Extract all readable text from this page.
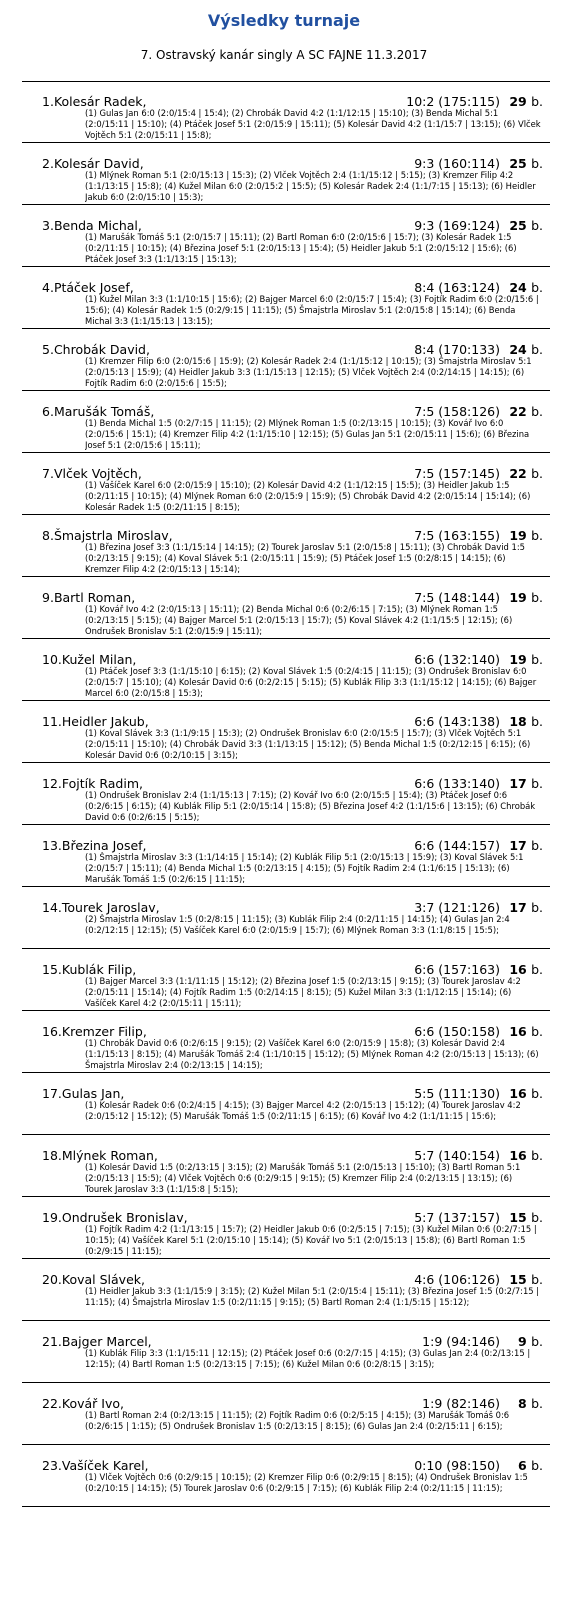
Výsledky turnaje
7. Ostravský kanár singly A SC FAJNE 11.3.2017
1.Kolesár Radek,	10:2 (175:115) 29 b.
(1) Gulas Jan 6:0 (2:0/15:4 | 15:4); (2) Chrobák David 4:2 (1:1/12:15 | 15:10); (3) Benda Michal 5:1 (2:0/15:11 | 15:10); (4) Ptáček Josef 5:1 (2:0/15:9 | 15:11); (5) Kolesár David 4:2 (1:1/15:7 | 13:15); (6) Vlček Vojtěch 5:1 (2:0/15:11 | 15:8);
2.Kolesár David,	9:3 (160:114) 25 b.
(1) Mlýnek Roman 5:1 (2:0/15:13 | 15:3); (2) Vlček Vojtěch 2:4 (1:1/15:12 | 5:15); (3) Kremzer Filip 4:2 (1:1/13:15 | 15:8); (4) Kužel Milan 6:0 (2:0/15:2 | 15:5); (5) Kolesár Radek 2:4 (1:1/7:15 | 15:13); (6) Heidler Jakub 6:0 (2:0/15:10 | 15:3);
3.Benda Michal,	9:3 (169:124) 25 b.
(1) Marušák Tomáš 5:1 (2:0/15:7 | 15:11); (2) Bartl Roman 6:0 (2:0/15:6 | 15:7); (3) Kolesár Radek 1:5 (0:2/11:15 | 10:15); (4) Březina Josef 5:1 (2:0/15:13 | 15:4); (5) Heidler Jakub 5:1 (2:0/15:12 | 15:6); (6) Ptáček Josef 3:3 (1:1/13:15 | 15:13);
4.Ptáček Josef,	8:4 (163:124) 24 b.
(1) Kužel Milan 3:3 (1:1/10:15 | 15:6); (2) Bajger Marcel 6:0 (2:0/15:7 | 15:4); (3) Fojtík Radim 6:0 (2:0/15:6 | 15:6); (4) Kolesár Radek 1:5 (0:2/9:15 | 11:15); (5) Šmajstrla Miroslav 5:1 (2:0/15:8 | 15:14); (6) Benda Michal 3:3 (1:1/15:13 | 13:15);
5.Chrobák David,	8:4 (170:133) 24 b.
(1) Kremzer Filip 6:0 (2:0/15:6 | 15:9); (2) Kolesár Radek 2:4 (1:1/15:12 | 10:15); (3) Šmajstrla Miroslav 5:1 (2:0/15:13 | 15:9); (4) Heidler Jakub 3:3 (1:1/15:13 | 12:15); (5) Vlček Vojtěch 2:4 (0:2/14:15 | 14:15); (6) Fojtík Radim 6:0 (2:0/15:6 | 15:5);
6.Marušák Tomáš,	7:5 (158:126) 22 b.
(1) Benda Michal 1:5 (0:2/7:15 | 11:15); (2) Mlýnek Roman 1:5 (0:2/13:15 | 10:15); (3) Kovář Ivo 6:0 (2:0/15:6 | 15:1); (4) Kremzer Filip 4:2 (1:1/15:10 | 12:15); (5) Gulas Jan 5:1 (2:0/15:11 | 15:6); (6) Březina Josef 5:1 (2:0/15:6 | 15:11);
7.Vlček Vojtěch,	7:5 (157:145) 22 b.
(1) Vašíček Karel 6:0 (2:0/15:9 | 15:10); (2) Kolesár David 4:2 (1:1/12:15 | 15:5); (3) Heidler Jakub 1:5 (0:2/11:15 | 10:15); (4) Mlýnek Roman 6:0 (2:0/15:9 | 15:9); (5) Chrobák David 4:2 (2:0/15:14 | 15:14); (6) Kolesár Radek 1:5 (0:2/11:15 | 8:15);
8.Šmajstrla Miroslav,	7:5 (163:155) 19 b.
(1) Březina Josef 3:3 (1:1/15:14 | 14:15); (2) Tourek Jaroslav 5:1 (2:0/15:8 | 15:11); (3) Chrobák David 1:5 (0:2/13:15 | 9:15); (4) Koval Slávek 5:1 (2:0/15:11 | 15:9); (5) Ptáček Josef 1:5 (0:2/8:15 | 14:15); (6) Kremzer Filip 4:2 (2:0/15:13 | 15:14);
9.Bartl Roman,	7:5 (148:144) 19 b.
(1) Kovář Ivo 4:2 (2:0/15:13 | 15:11); (2) Benda Michal 0:6 (0:2/6:15 | 7:15); (3) Mlýnek Roman 1:5 (0:2/13:15 | 5:15); (4) Bajger Marcel 5:1 (2:0/15:13 | 15:7); (5) Koval Slávek 4:2 (1:1/15:5 | 12:15); (6) Ondrušek Bronislav 5:1 (2:0/15:9 | 15:11);
10.Kužel Milan,	6:6 (132:140) 19 b.
(1) Ptáček Josef 3:3 (1:1/15:10 | 6:15); (2) Koval Slávek 1:5 (0:2/4:15 | 11:15); (3) Ondrušek Bronislav 6:0 (2:0/15:7 | 15:10); (4) Kolesár David 0:6 (0:2/2:15 | 5:15); (5) Kublák Filip 3:3 (1:1/15:12 | 14:15); (6) Bajger Marcel 6:0 (2:0/15:8 | 15:3);
11.Heidler Jakub,	6:6 (143:138) 18 b.
(1) Koval Slávek 3:3 (1:1/9:15 | 15:3); (2) Ondrušek Bronislav 6:0 (2:0/15:5 | 15:7); (3) Vlček Vojtěch 5:1 (2:0/15:11 | 15:10); (4) Chrobák David 3:3 (1:1/13:15 | 15:12); (5) Benda Michal 1:5 (0:2/12:15 | 6:15); (6) Kolesár David 0:6 (0:2/10:15 | 3:15);
12.Fojtík Radim,	6:6 (133:140) 17 b.
(1) Ondrušek Bronislav 2:4 (1:1/15:13 | 7:15); (2) Kovář Ivo 6:0 (2:0/15:5 | 15:4); (3) Ptáček Josef 0:6 (0:2/6:15 | 6:15); (4) Kublák Filip 5:1 (2:0/15:14 | 15:8); (5) Březina Josef 4:2 (1:1/15:6 | 13:15); (6) Chrobák David 0:6 (0:2/6:15 | 5:15);
13.Březina Josef,	6:6 (144:157) 17 b.
(1) Šmajstrla Miroslav 3:3 (1:1/14:15 | 15:14); (2) Kublák Filip 5:1 (2:0/15:13 | 15:9); (3) Koval Slávek 5:1 (2:0/15:7 | 15:11); (4) Benda Michal 1:5 (0:2/13:15 | 4:15); (5) Fojtík Radim 2:4 (1:1/6:15 | 15:13); (6) Marušák Tomáš 1:5 (0:2/6:15 | 11:15);
14.Tourek Jaroslav,	3:7 (121:126) 17 b.
(2) Šmajstrla Miroslav 1:5 (0:2/8:15 | 11:15); (3) Kublák Filip 2:4 (0:2/11:15 | 14:15); (4) Gulas Jan 2:4 (0:2/12:15 | 12:15); (5) Vašíček Karel 6:0 (2:0/15:9 | 15:7); (6) Mlýnek Roman 3:3 (1:1/8:15 | 15:5);
15.Kublák Filip,	6:6 (157:163) 16 b.
(1) Bajger Marcel 3:3 (1:1/11:15 | 15:12); (2) Březina Josef 1:5 (0:2/13:15 | 9:15); (3) Tourek Jaroslav 4:2 (2:0/15:11 | 15:14); (4) Fojtík Radim 1:5 (0:2/14:15 | 8:15); (5) Kužel Milan 3:3 (1:1/12:15 | 15:14); (6) Vašíček Karel 4:2 (2:0/15:11 | 15:11);
16.Kremzer Filip,	6:6 (150:158) 16 b.
(1) Chrobák David 0:6 (0:2/6:15 | 9:15); (2) Vašíček Karel 6:0 (2:0/15:9 | 15:8); (3) Kolesár David 2:4 (1:1/15:13 | 8:15); (4) Marušák Tomáš 2:4 (1:1/10:15 | 15:12); (5) Mlýnek Roman 4:2 (2:0/15:13 | 15:13); (6) Šmajstrla Miroslav 2:4 (0:2/13:15 | 14:15);
17.Gulas Jan,	5:5 (111:130) 16 b.
(1) Kolesár Radek 0:6 (0:2/4:15 | 4:15); (3) Bajger Marcel 4:2 (2:0/15:13 | 15:12); (4) Tourek Jaroslav 4:2 (2:0/15:12 | 15:12); (5) Marušák Tomáš 1:5 (0:2/11:15 | 6:15); (6) Kovář Ivo 4:2 (1:1/11:15 | 15:6);
18.Mlýnek Roman,	5:7 (140:154) 16 b.
(1) Kolesár David 1:5 (0:2/13:15 | 3:15); (2) Marušák Tomáš 5:1 (2:0/15:13 | 15:10); (3) Bartl Roman 5:1 (2:0/15:13 | 15:5); (4) Vlček Vojtěch 0:6 (0:2/9:15 | 9:15); (5) Kremzer Filip 2:4 (0:2/13:15 | 13:15); (6) Tourek Jaroslav 3:3 (1:1/15:8 | 5:15);
19.Ondrušek Bronislav,	5:7 (137:157) 15 b.
(1) Fojtík Radim 4:2 (1:1/13:15 | 15:7); (2) Heidler Jakub 0:6 (0:2/5:15 | 7:15); (3) Kužel Milan 0:6 (0:2/7:15 | 10:15); (4) Vašíček Karel 5:1 (2:0/15:10 | 15:14); (5) Kovář Ivo 5:1 (2:0/15:13 | 15:8); (6) Bartl Roman 1:5 (0:2/9:15 | 11:15);
20.Koval Slávek,	4:6 (106:126) 15 b.
(1) Heidler Jakub 3:3 (1:1/15:9 | 3:15); (2) Kužel Milan 5:1 (2:0/15:4 | 15:11); (3) Březina Josef 1:5 (0:2/7:15 | 11:15); (4) Šmajstrla Miroslav 1:5 (0:2/11:15 | 9:15); (5) Bartl Roman 2:4 (1:1/5:15 | 15:12);
21.Bajger Marcel,	1:9 (94:146) 9 b.
(1) Kublák Filip 3:3 (1:1/15:11 | 12:15); (2) Ptáček Josef 0:6 (0:2/7:15 | 4:15); (3) Gulas Jan 2:4 (0:2/13:15 | 12:15); (4) Bartl Roman 1:5 (0:2/13:15 | 7:15); (6) Kužel Milan 0:6 (0:2/8:15 | 3:15);
22.Kovář Ivo,	1:9 (82:146) 8 b.
(1) Bartl Roman 2:4 (0:2/13:15 | 11:15); (2) Fojtík Radim 0:6 (0:2/5:15 | 4:15); (3) Marušák Tomáš 0:6 (0:2/6:15 | 1:15); (5) Ondrušek Bronislav 1:5 (0:2/13:15 | 8:15); (6) Gulas Jan 2:4 (0:2/15:11 | 6:15);
23.Vašíček Karel,	0:10 (98:150) 6 b.
(1) Vlček Vojtěch 0:6 (0:2/9:15 | 10:15); (2) Kremzer Filip 0:6 (0:2/9:15 | 8:15); (4) Ondrušek Bronislav 1:5 (0:2/10:15 | 14:15); (5) Tourek Jaroslav 0:6 (0:2/9:15 | 7:15); (6) Kublák Filip 2:4 (0:2/11:15 | 11:15);
